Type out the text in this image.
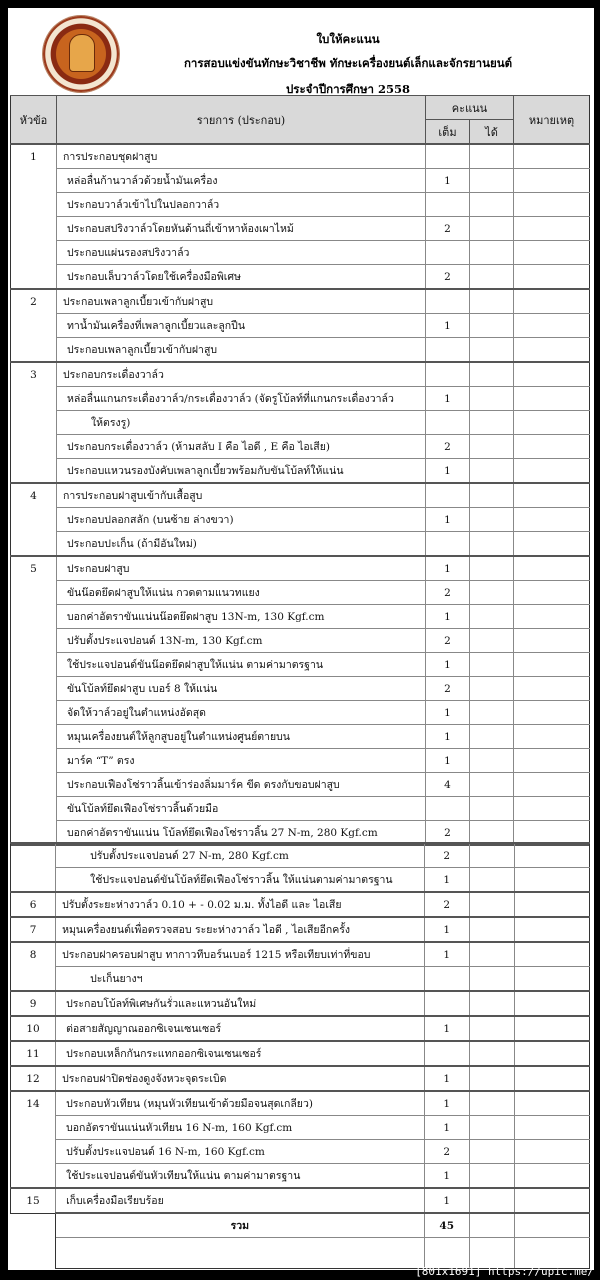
ใบให้คะแนน
การสอบแข่งขันทักษะวิชาชีพ ทักษะเครื่องยนต์เล็กและจักรยานยนต์
ประจำปีการศึกษา 2558
หัวข้อ	รายการ (ประกอบ)	คะแนน		หมายเหตุ
		เต็ม	ได้	
1	การประกอบชุดฝาสูบ			
	หล่อลื่นก้านวาล์วด้วยน้ำมันเครื่อง	1		
	ประกอบวาล์วเข้าไปในปลอกวาล์ว			
	ประกอบสปริงวาล์วโดยหันด้านถี่เข้าหาห้องเผาไหม้	2		
	ประกอบแผ่นรองสปริงวาล์ว			
	ประกอบเล็บวาล์วโดยใช้เครื่องมือพิเศษ	2		
2	ประกอบเพลาลูกเบี้ยวเข้ากับฝาสูบ			
	ทาน้ำมันเครื่องที่เพลาลูกเบี้ยวและลูกปืน	1		
	ประกอบเพลาลูกเบี้ยวเข้ากับฝาสูบ			
3	ประกอบกระเดื่องวาล์ว			
	หล่อลื่นแกนกระเดื่องวาล์ว/กระเดื่องวาล์ว (จัดรูโบ้ลท์ที่แกนกระเดื่องวาล์ว	1		
	ให้ตรงรู)			
	ประกอบกระเดื่องวาล์ว (ห้ามสลับ I คือ ไอดี , E คือ ไอเสีย)	2		
	ประกอบแหวนรองบังคับเพลาลูกเบี้ยวพร้อมกับขันโบ้ลท์ให้แน่น	1		
4	การประกอบฝาสูบเข้ากับเสื้อสูบ			
	ประกอบปลอกสลัก (บนซ้าย ล่างขวา)	1		
	ประกอบปะเก็น (ถ้ามีอันใหม่)			
5	ประกอบฝาสูบ	1		
	ขันน๊อตยึดฝาสูบให้แน่น กวดตามแนวทแยง	2		
	บอกค่าอัตราขันแน่นน๊อตยึดฝาสูบ 13N-m, 130 Kgf.cm	1		
	ปรับตั้งประแจปอนด์ 13N-m, 130 Kgf.cm	2		
	ใช้ประแจปอนด์ขันน๊อตยึดฝาสูบให้แน่น ตามค่ามาตรฐาน	1		
	ขันโบ้ลท์ยึดฝาสูบ เบอร์ 8 ให้แน่น	2		
	จัดให้วาล์วอยู่ในตำแหน่งอัดสุด	1		
	หมุนเครื่องยนต์ให้ลูกสูบอยู่ในตำแหน่งศูนย์ตายบน	1		
	มาร์ค “T” ตรง	1		
	ประกอบเฟืองโซ่ราวลิ้นเข้าร่องลิ่มมาร์ค ขีด ตรงกับขอบฝาสูบ	4		
	ขันโบ้ลท์ยึดเฟืองโซ่ราวลิ้นด้วยมือ			
	บอกค่าอัตราขันแน่น โบ้ลท์ยึดเฟืองโซ่ราวลิ้น 27 N-m, 280 Kgf.cm	2		
	ปรับตั้งประแจปอนด์ 27 N-m, 280 Kgf.cm	2		
	ใช้ประแจปอนด์ขันโบ้ลท์ยึดเฟืองโซ่ราวลิ้น ให้แน่นตามค่ามาตรฐาน	1		
6	ปรับตั้งระยะห่างวาล์ว 0.10 + - 0.02 ม.ม. ทั้งไอดี และ ไอเสีย	2		
7	หมุนเครื่องยนต์เพื่อตรวจสอบ ระยะห่างวาล์ว ไอดี , ไอเสียอีกครั้ง	1		
8	ประกอบฝาครอบฝาสูบ ทากาวทีบอร์นเบอร์ 1215 หรือเทียบเท่าที่ขอบ	1		
	ปะเก็นยางฯ			
9	ประกอบโบ้ลท์พิเศษกันรั่วและแหวนอันใหม่			
10	ต่อสายสัญญาณออกซิเจนเซนเซอร์	1		
11	ประกอบเหล็กกันกระแทกออกซิเจนเซนเซอร์			
12	ประกอบฝาปิดช่องดูงจังหวะจุดระเบิด	1		
14	ประกอบหัวเทียน (หมุนหัวเทียนเข้าด้วยมือจนสุดเกลียว)	1		
	บอกอัตราขันแน่นหัวเทียน 16 N-m, 160 Kgf.cm	1		
	ปรับตั้งประแจปอนด์ 16 N-m, 160 Kgf.cm	2		
	ใช้ประแจปอนด์ขันหัวเทียนให้แน่น ตามค่ามาตรฐาน	1		
15	เก็บเครื่องมือเรียบร้อย	1		
	รวม	45		

[801x1691] https://upic.me/
